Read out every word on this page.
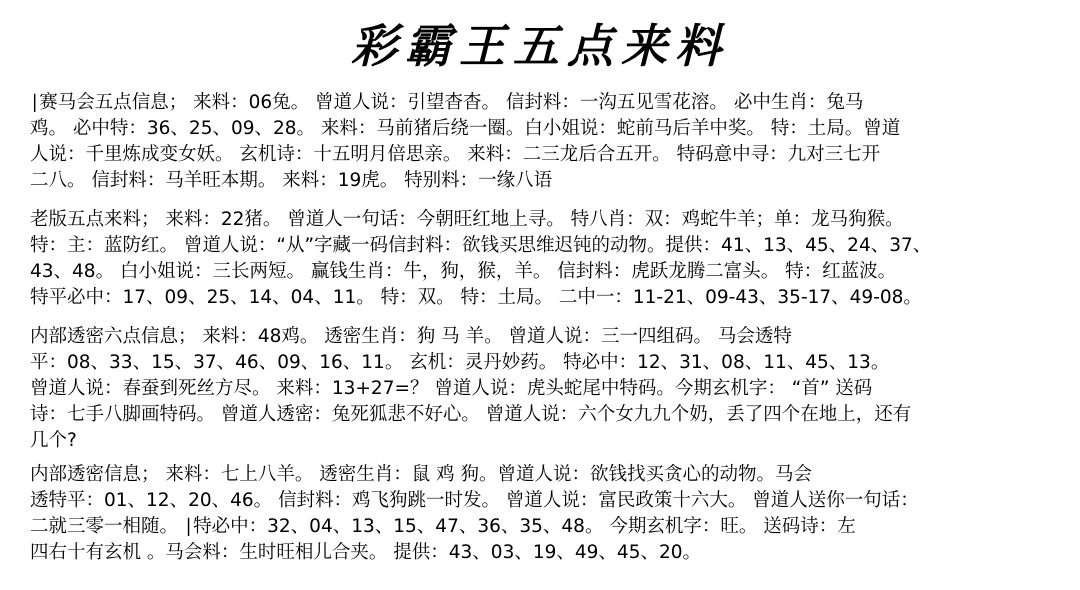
彩霸王五点来料
∣赛马会五点信息； 来料：06兔。 曾道人说：引望杳杳。 信封料：一沟五见雪花溶。 必中生肖：兔马
鸡。 必中特：36、25、09、28。 来料：马前猪后绕一圈。白小姐说：蛇前马后羊中奖。 特：土局。曾道
人说：千里炼成变女妖。 玄机诗：十五明月倍思亲。 来料：二三龙后合五开。 特码意中寻：九对三七开
二八。 信封料：马羊旺本期。 来料：19虎。 特别料：一缘八语
老版五点来料； 来料：22猪。 曾道人一句话：今朝旺红地上寻。 特八肖：双：鸡蛇牛羊；单：龙马狗猴。
特：主：蓝防红。 曾道人说：“从”字藏一码信封料：欲钱买思维迟钝的动物。提供：41、13、45、24、37、
43、48。 白小姐说：三长两短。 赢钱生肖：牛，狗，猴，羊。 信封料：虎跃龙腾二富头。 特：红蓝波。
特平必中：17、09、25、14、04、11。 特：双。 特：土局。 二中一：11-21、09-43、35-17、49-08。
内部透密六点信息； 来料：48鸡。 透密生肖：狗 马 羊。 曾道人说：三一四组码。 马会透特
平：08、33、15、37、46、09、16、11。 玄机：灵丹妙药。 特必中：12、31、08、11、45、13。
曾道人说：春蚕到死丝方尽。 来料：13+27=？ 曾道人说：虎头蛇尾中特码。今期玄机字： “首” 送码
诗：七手八脚画特码。 曾道人透密：兔死狐悲不好心。 曾道人说：六个女九九个奶，丢了四个在地上，还有
几个?
内部透密信息； 来料：七上八羊。 透密生肖：鼠 鸡 狗。曾道人说：欲钱找买贪心的动物。马会
透特平：01、12、20、46。 信封料：鸡飞狗跳一时发。 曾道人说：富民政策十六大。 曾道人送你一句话：
二就三零一相随。 ∣特必中：32、04、13、15、47、36、35、48。 今期玄机字：旺。 送码诗：左
四右十有玄机 。马会料：生时旺相儿合夹。 提供：43、03、19、49、45、20。
